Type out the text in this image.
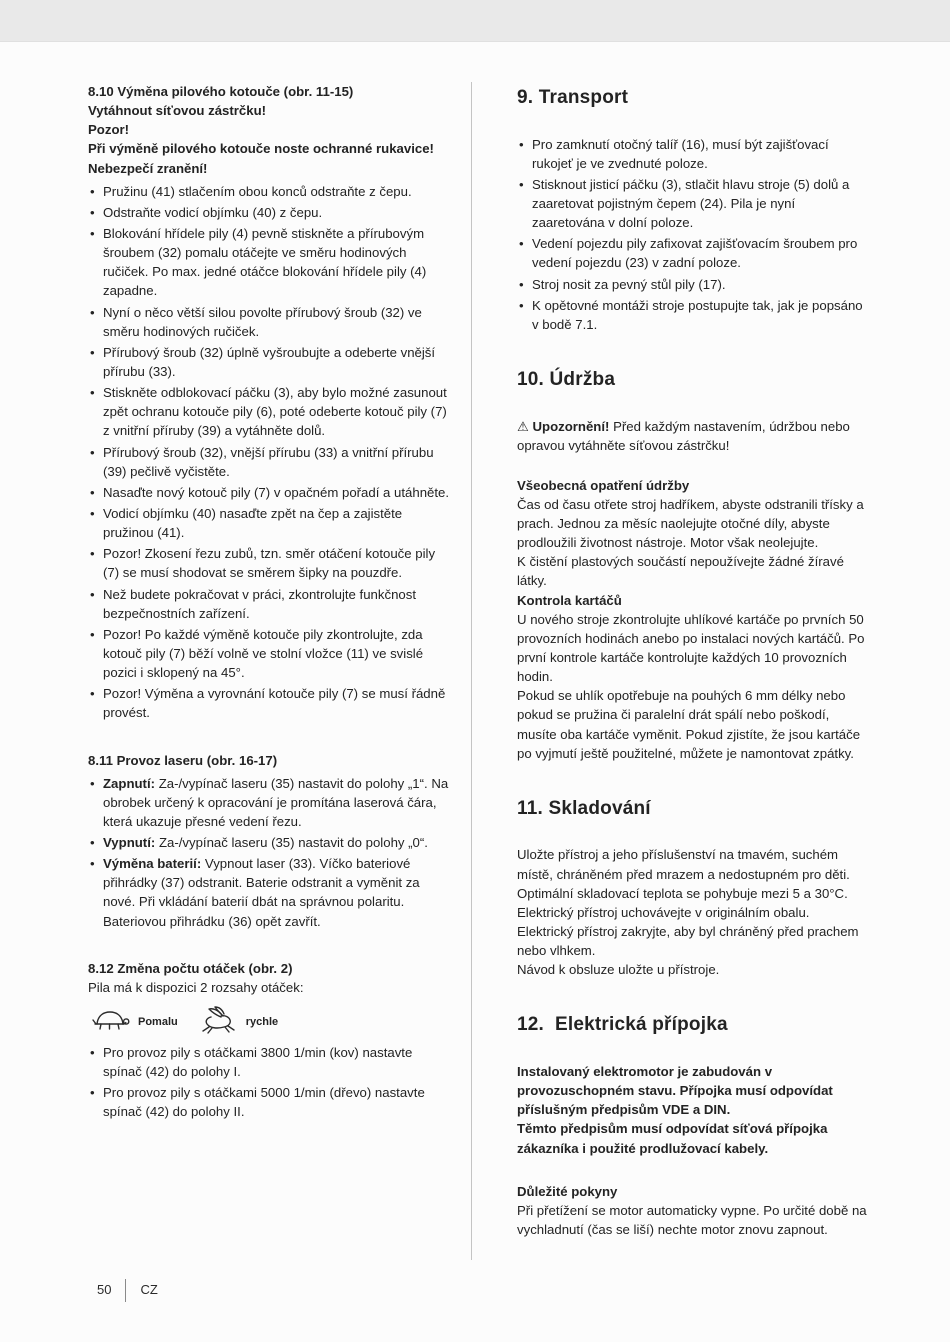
8.10 Výměna pilového kotouče (obr. 11-15)

Vytáhnout síťovou zástrčku!

Pozor!

Při výměně pilového kotouče noste ochranné rukavice! Nebezpečí zranění!

• Pružinu (41) stlačením obou konců odstraňte z čepu.
• Odstraňte vodicí objímku (40) z čepu.
• Blokování hřídele pily (4) pevně stiskněte a přírubovým šroubem (32) pomalu otáčejte ve směru hodinových ručiček. Po max. jedné otáčce blokování hřídele pily (4) zapadne.
• Nyní o něco větší silou povolte přírubový šroub (32) ve směru hodinových ručiček.
• Přírubový šroub (32) úplně vyšroubujte a odeberte vnější přírubu (33).
• Stiskněte odblokovací páčku (3), aby bylo možné zasunout zpět ochranu kotouče pily (6), poté odeberte kotouč pily (7) z vnitřní příruby (39) a vytáhněte dolů.
• Přírubový šroub (32), vnější přírubu (33) a vnitřní přírubu (39) pečlivě vyčistěte.
• Nasaďte nový kotouč pily (7) v opačném pořadí a utáhněte.
• Vodicí objímku (40) nasaďte zpět na čep a zajistěte pružinou (41).
• Pozor! Zkosení řezu zubů, tzn. směr otáčení kotouče pily (7) se musí shodovat se směrem šipky na pouzdře.
• Než budete pokračovat v práci, zkontrolujte funkčnost bezpečnostních zařízení.
• Pozor! Po každé výměně kotouče pily zkontrolujte, zda kotouč pily (7) běží volně ve stolní vložce (11) ve svislé pozici i sklopený na 45°.
• Pozor! Výměna a vyrovnání kotouče pily (7) se musí řádně provést.
8.11 Provoz laseru (obr. 16-17)
• Zapnutí: Za-/vypínač laseru (35) nastavit do polohy „1“. Na obrobek určený k opracování je promítána laserová čára, která ukazuje přesné vedení řezu.
• Vypnutí: Za-/vypínač laseru (35) nastavit do polohy „0“.
• Výměna baterií: Vypnout laser (33). Víčko bateriové přihrádky (37) odstranit. Baterie odstranit a vyměnit za nové. Při vkládání baterií dbát na správnou polaritu. Bateriovou přihrádku (36) opět zavřít.
8.12 Změna počtu otáček (obr. 2)

Pila má k dispozici 2 rozsahy otáček:

Pomalu	rychle
• Pro provoz pily s otáčkami 3800 1/min (kov) nastavte spínač (42) do polohy I.
• Pro provoz pily s otáčkami 5000 1/min (dřevo) nastavte spínač (42) do polohy II.
9. Transport
• Pro zamknutí otočný talíř (16), musí být zajišťovací rukojeť je ve zvednuté poloze.
• Stisknout jisticí páčku (3), stlačit hlavu stroje (5) dolů a zaaretovat pojistným čepem (24). Pila je nyní zaaretována v dolní poloze.
• Vedení pojezdu pily zafixovat zajišťovacím šroubem pro vedení pojezdu (23) v zadní poloze.
• Stroj nosit za pevný stůl pily (17).
• K opětovné montáži stroje postupujte tak, jak je popsáno v bodě 7.1.
10. Údržba

⚠ Upozornění! Před každým nastavením, údržbou nebo opravou vytáhněte síťovou zástrčku!

Všeobecná opatření údržby

Čas od času otřete stroj hadříkem, abyste odstranili třísky a prach. Jednou za měsíc naolejujte otočné díly, abyste prodloužili životnost nástroje. Motor však neolejujte.

K čistění plastových součástí nepoužívejte žádné žíravé látky.

Kontrola kartáčů

U nového stroje zkontrolujte uhlíkové kartáče po prvních 50 provozních hodinách anebo po instalaci nových kartáčů. Po první kontrole kartáče kontrolujte každých 10 provozních hodin.

Pokud se uhlík opotřebuje na pouhých 6 mm délky nebo pokud se pružina či paralelní drát spálí nebo poškodí, musíte oba kartáče vyměnit. Pokud zjistíte, že jsou kartáče po vyjmutí ještě použitelné, můžete je namontovat zpátky.

11. Skladování

Uložte přístroj a jeho příslušenství na tmavém, suchém místě, chráněném před mrazem a nedostupném pro děti. Optimální skladovací teplota se pohybuje mezi 5 a 30°C.

Elektrický přístroj uchovávejte v originálním obalu.

Elektrický přístroj zakryjte, aby byl chráněný před prachem nebo vlhkem.

Návod k obsluze uložte u přístroje.

12.  Elektrická přípojka

Instalovaný elektromotor je zabudován v provozuschopném stavu. Přípojka musí odpovídat příslušným předpisům VDE a DIN.

Těmto předpisům musí odpovídat síťová přípojka zákazníka i použité prodlužovací kabely.

Důležité pokyny

Při přetížení se motor automaticky vypne. Po určité době na vychladnutí (čas se liší) nechte motor znovu zapnout.

50 CZ
